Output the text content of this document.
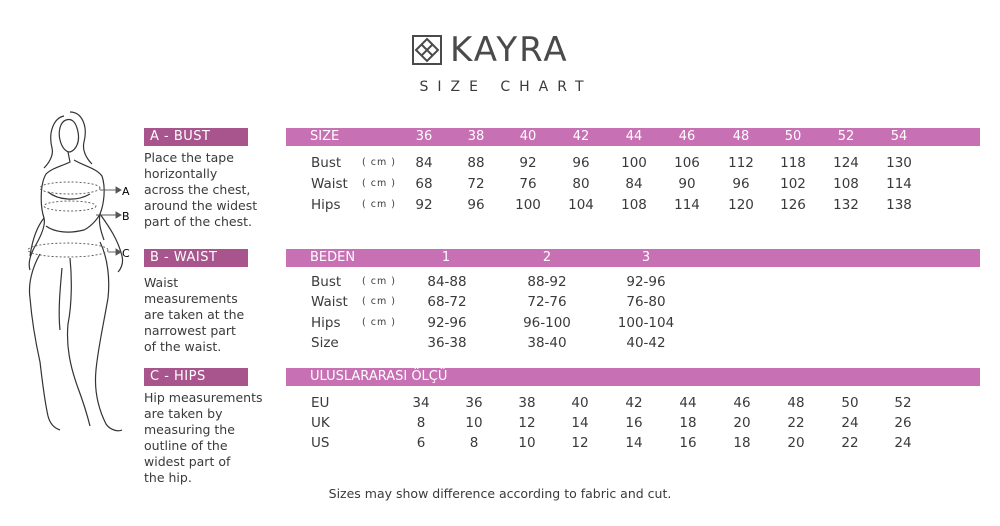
KAYRA
SIZE CHART
A
B
C
A - BUST
Place the tape
horizontally
across the chest,
around the widest
part of the chest.
B - WAIST
Waist
measurements
are taken at the
narrowest part
of the waist.
C - HIPS
Hip measurements
are taken by
measuring the
outline of the
widest part of
the hip.
SIZE	36	38	40	42	44	46	48	50	52	54
Bust ( cm )	84	88	92	96	100	106	112	118	124	130
Waist ( cm )	68	72	76	80	84	90	96	102	108	114
Hips ( cm )	92	96	100	104	108	114	120	126	132	138
BEDEN	1	2	3
Bust ( cm )	84-88	88-92	92-96
Waist ( cm )	68-72	72-76	76-80
Hips ( cm )	92-96	96-100	100-104
Size	36-38	38-40	40-42
ULUSLARARASI ÖLÇÜ
EU	34	36	38	40	42	44	46	48	50	52
UK	8	10	12	14	16	18	20	22	24	26
US	6	8	10	12	14	16	18	20	22	24
Sizes may show difference according to fabric and cut.
